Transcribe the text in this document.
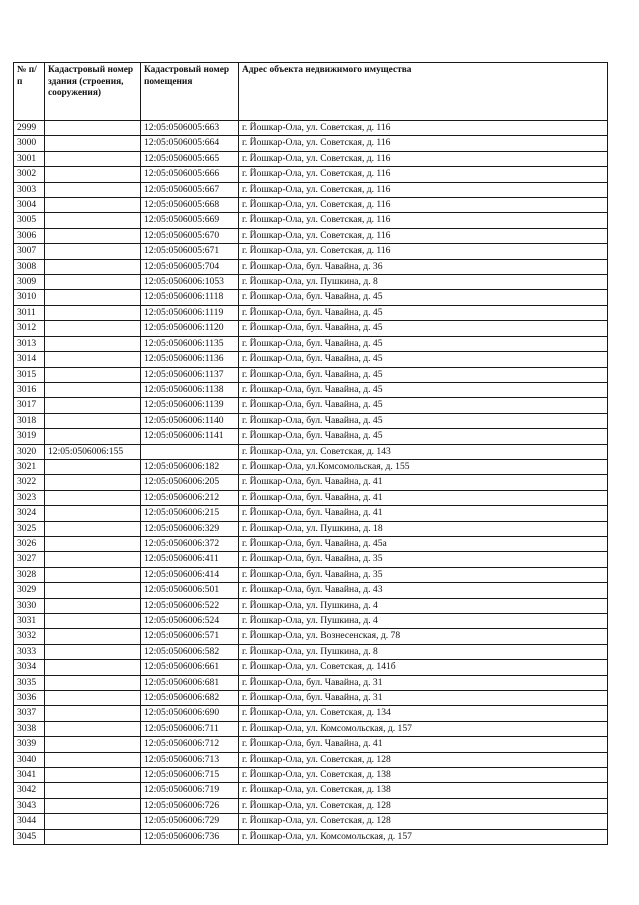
№ п/п	Кадастровый номер здания (строения, сооружения)	Кадастровый номер помещения	Адрес объекта недвижимого имущества
2999		12:05:0506005:663	г. Йошкар-Ола, ул. Советская, д. 116
3000		12:05:0506005:664	г. Йошкар-Ола, ул. Советская, д. 116
3001		12:05:0506005:665	г. Йошкар-Ола, ул. Советская, д. 116
3002		12:05:0506005:666	г. Йошкар-Ола, ул. Советская, д. 116
3003		12:05:0506005:667	г. Йошкар-Ола, ул. Советская, д. 116
3004		12:05:0506005:668	г. Йошкар-Ола, ул. Советская, д. 116
3005		12:05:0506005:669	г. Йошкар-Ола, ул. Советская, д. 116
3006		12:05:0506005:670	г. Йошкар-Ола, ул. Советская, д. 116
3007		12:05:0506005:671	г. Йошкар-Ола, ул. Советская, д. 116
3008		12:05:0506005:704	г. Йошкар-Ола, бул. Чавайна, д. 36
3009		12:05:0506006:1053	г. Йошкар-Ола, ул. Пушкина, д. 8
3010		12:05:0506006:1118	г. Йошкар-Ола, бул. Чавайна, д. 45
3011		12:05:0506006:1119	г. Йошкар-Ола, бул. Чавайна, д. 45
3012		12:05:0506006:1120	г. Йошкар-Ола, бул. Чавайна, д. 45
3013		12:05:0506006:1135	г. Йошкар-Ола, бул. Чавайна, д. 45
3014		12:05:0506006:1136	г. Йошкар-Ола, бул. Чавайна, д. 45
3015		12:05:0506006:1137	г. Йошкар-Ола, бул. Чавайна, д. 45
3016		12:05:0506006:1138	г. Йошкар-Ола, бул. Чавайна, д. 45
3017		12:05:0506006:1139	г. Йошкар-Ола, бул. Чавайна, д. 45
3018		12:05:0506006:1140	г. Йошкар-Ола, бул. Чавайна, д. 45
3019		12:05:0506006:1141	г. Йошкар-Ола, бул. Чавайна, д. 45
3020	12:05:0506006:155		г. Йошкар-Ола, ул. Советская, д. 143
3021		12:05:0506006:182	г. Йошкар-Ола, ул.Комсомольская, д. 155
3022		12:05:0506006:205	г. Йошкар-Ола, бул. Чавайна, д. 41
3023		12:05:0506006:212	г. Йошкар-Ола, бул. Чавайна, д. 41
3024		12:05:0506006:215	г. Йошкар-Ола, бул. Чавайна, д. 41
3025		12:05:0506006:329	г. Йошкар-Ола, ул. Пушкина, д. 18
3026		12:05:0506006:372	г. Йошкар-Ола, бул. Чавайна, д. 45а
3027		12:05:0506006:411	г. Йошкар-Ола, бул. Чавайна, д. 35
3028		12:05:0506006:414	г. Йошкар-Ола, бул. Чавайна, д. 35
3029		12:05:0506006:501	г. Йошкар-Ола, бул. Чавайна, д. 43
3030		12:05:0506006:522	г. Йошкар-Ола, ул. Пушкина, д. 4
3031		12:05:0506006:524	г. Йошкар-Ола, ул. Пушкина, д. 4
3032		12:05:0506006:571	г. Йошкар-Ола, ул. Вознесенская, д. 78
3033		12:05:0506006:582	г. Йошкар-Ола, ул. Пушкина, д. 8
3034		12:05:0506006:661	г. Йошкар-Ола, ул. Советская, д. 141б
3035		12:05:0506006:681	г. Йошкар-Ола, бул. Чавайна, д. 31
3036		12:05:0506006:682	г. Йошкар-Ола, бул. Чавайна, д. 31
3037		12:05:0506006:690	г. Йошкар-Ола, ул. Советская, д. 134
3038		12:05:0506006:711	г. Йошкар-Ола, ул. Комсомольская, д. 157
3039		12:05:0506006:712	г. Йошкар-Ола, бул. Чавайна, д. 41
3040		12:05:0506006:713	г. Йошкар-Ола, ул. Советская, д. 128
3041		12:05:0506006:715	г. Йошкар-Ола, ул. Советская, д. 138
3042		12:05:0506006:719	г. Йошкар-Ола, ул. Советская, д. 138
3043		12:05:0506006:726	г. Йошкар-Ола, ул. Советская, д. 128
3044		12:05:0506006:729	г. Йошкар-Ола, ул. Советская, д. 128
3045		12:05:0506006:736	г. Йошкар-Ола, ул. Комсомольская, д. 157
